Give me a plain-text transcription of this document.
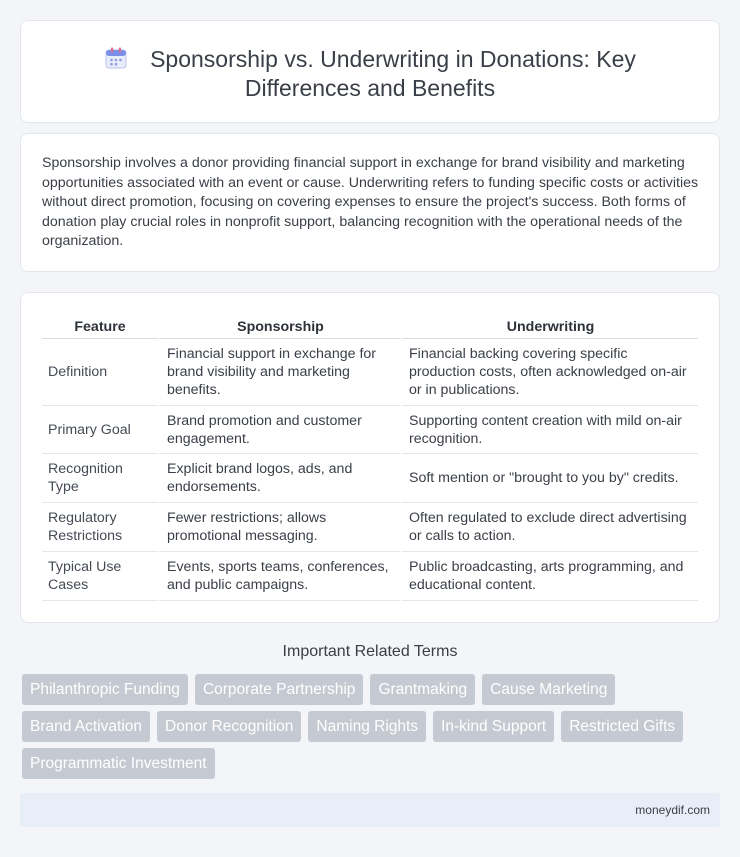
Sponsorship vs. Underwriting in Donations: Key Differences and Benefits

Sponsorship involves a donor providing financial support in exchange for brand visibility and marketing opportunities associated with an event or cause. Underwriting refers to funding specific costs or activities without direct promotion, focusing on covering expenses to ensure the project's success. Both forms of donation play crucial roles in nonprofit support, balancing recognition with the operational needs of the organization.

Feature	Sponsorship	Underwriting
Definition	Financial support in exchange for brand visibility and marketing benefits.	Financial backing covering specific production costs, often acknowledged on-air or in publications.
Primary Goal	Brand promotion and customer engagement.	Supporting content creation with mild on-air recognition.
Recognition Type	Explicit brand logos, ads, and endorsements.	Soft mention or "brought to you by" credits.
Regulatory Restrictions	Fewer restrictions; allows promotional messaging.	Often regulated to exclude direct advertising or calls to action.
Typical Use Cases	Events, sports teams, conferences, and public campaigns.	Public broadcasting, arts programming, and educational content.
Important Related Terms
Philanthropic Funding	Corporate Partnership	Grantmaking	Cause Marketing
Brand Activation	Donor Recognition	Naming Rights	In-kind Support	Restricted Gifts
Programmatic Investment
moneydif.com
